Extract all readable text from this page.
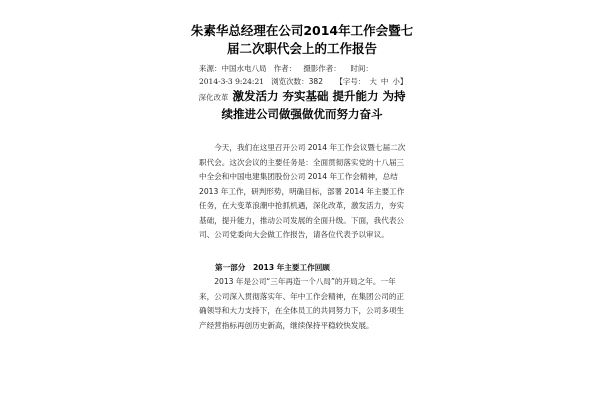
朱素华总经理在公司2014年工作会暨七届二次职代会上的工作报告
来源：中国水电八局 作者： 摄影作者： 时间：
2014-3-3 9:24:21 浏览次数：382 【字号： 大 中 小】
深化改革 激发活力 夯实基础 提升能力 为持续推进公司做强做优而努力奋斗
今天，我们在这里召开公司 2014 年工作会议暨七届二次职代会。这次会议的主要任务是：全面贯彻落实党的十八届三中全会和中国电建集团股份公司 2014 年工作会精神，总结 2013 年工作，研判形势，明确目标，部署 2014 年主要工作任务，在大变革浪潮中抢抓机遇，深化改革，激发活力，夯实基础，提升能力，推动公司发展的全面升级。下面，我代表公司、公司党委向大会做工作报告，请各位代表予以审议。
第一部分　2013 年主要工作回顾
2013 年是公司“三年再造一个八局”的开局之年。一年来，公司深入贯彻落实年、年中工作会精神，在集团公司的正确领导和大力支持下，在全体员工的共同努力下，公司多项生产经营指标再创历史新高，继续保持平稳较快发展。
